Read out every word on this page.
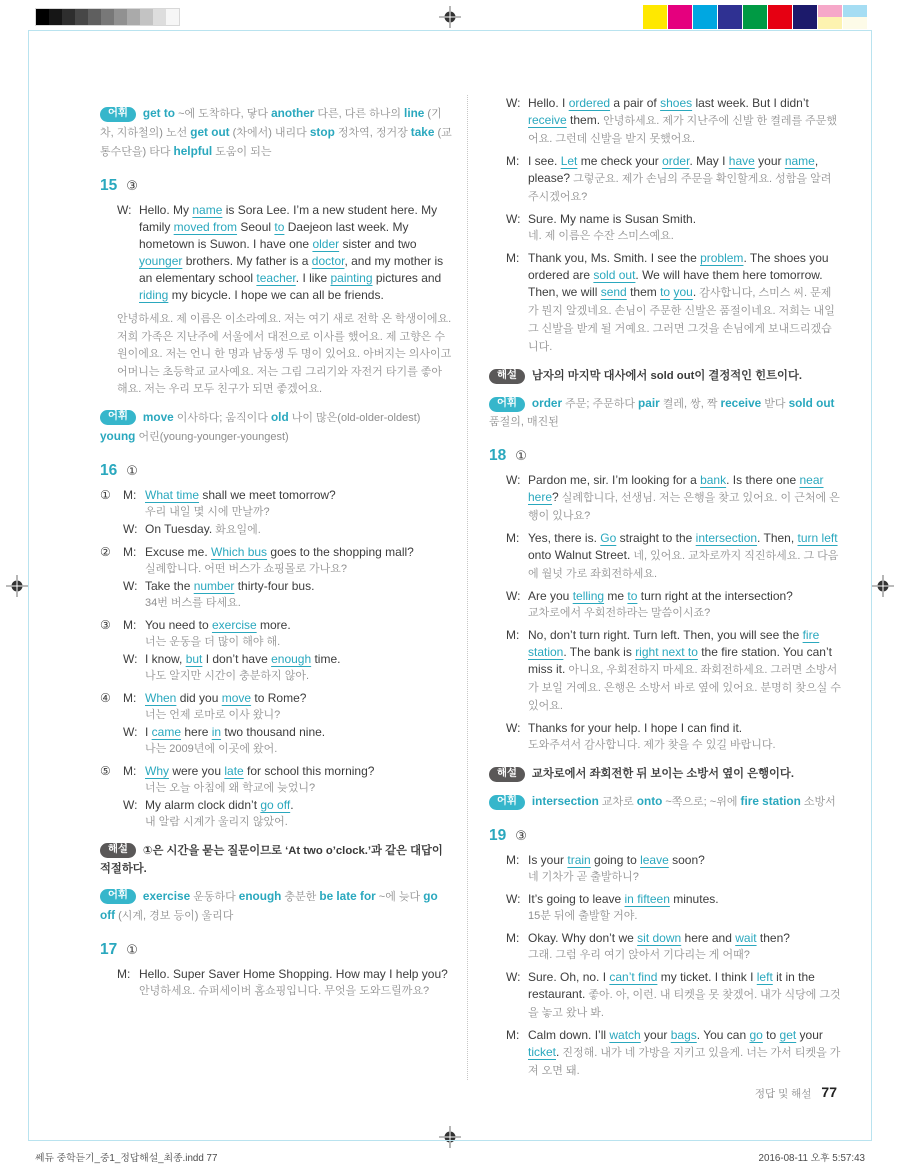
어휘 get to ~에 도착하다, 닿다 another 다른, 다른 하나의 line (기차, 지하철의) 노선 get out (차에서) 내리다 stop 정차역, 정거장 take (교통수단을) 타다 helpful 도움이 되는
15 ③
W: Hello. My name is Sora Lee. I’m a new student here. My family moved from Seoul to Daejeon last week. My hometown is Suwon. I have one older sister and two younger brothers. My father is a doctor, and my mother is an elementary school teacher. I like painting pictures and riding my bicycle. I hope we can all be friends.
안녕하세요. 제 이름은 이소라예요. 저는 여기 새로 전학 온 학생이에요. 저희 가족은 지난주에 서울에서 대전으로 이사를 했어요. 제 고향은 수원이에요. 저는 언니 한 명과 남동생 두 명이 있어요. 아버지는 의사이고 어머니는 초등학교 교사예요. 저는 그림 그리기와 자전거 타기를 좋아해요. 저는 우리 모두 친구가 되면 좋겠어요.
어휘 move 이사하다; 움직이다 old 나이 많은(old-older-oldest) young 어린(young-younger-youngest)
16 ①
① M: What time shall we meet tomorrow?
우리 내일 몇 시에 만날까?
W: On Tuesday. 화요일에.
② M: Excuse me. Which bus goes to the shopping mall?
실례합니다. 어떤 버스가 쇼핑몰로 가나요?
W: Take the number thirty-four bus.
34번 버스를 타세요.
③ M: You need to exercise more.
너는 운동을 더 많이 해야 해.
W: I know, but I don’t have enough time.
나도 알지만 시간이 충분하지 않아.
④ M: When did you move to Rome?
너는 언제 로마로 이사 왔니?
W: I came here in two thousand nine.
나는 2009년에 이곳에 왔어.
⑤ M: Why were you late for school this morning?
너는 오늘 아침에 왜 학교에 늦었니?
W: My alarm clock didn’t go off.
내 알람 시계가 울리지 않았어.
해설 ①은 시간을 묻는 질문이므로 ‘At two o’clock.’과 같은 대답이 적절하다.
어휘 exercise 운동하다 enough 충분한 be late for ~에 늦다 go off (시계, 경보 등이) 울리다
17 ①
M: Hello. Super Saver Home Shopping. How may I help you?
안녕하세요. 슈퍼세이버 홈쇼핑입니다. 무엇을 도와드릴까요?
W: Hello. I ordered a pair of shoes last week. But I didn’t receive them. 안녕하세요. 제가 지난주에 신발 한 켤레를 주문했어요. 그런데 신발을 받지 못했어요.
M: I see. Let me check your order. May I have your name, please? 그렇군요. 제가 손님의 주문을 확인할게요. 성함을 알려주시겠어요?
W: Sure. My name is Susan Smith.
네. 제 이름은 수잔 스미스예요.
M: Thank you, Ms. Smith. I see the problem. The shoes you ordered are sold out. We will have them here tomorrow. Then, we will send them to you. 감사합니다, 스미스 씨. 문제가 뭔지 알겠네요. 손님이 주문한 신발은 품절이네요. 저희는 내일 그 신발을 받게 될 거예요. 그러면 그것을 손님에게 보내드리겠습니다.
해설 남자의 마지막 대사에서 sold out이 결정적인 힌트이다.
어휘 order 주문; 주문하다 pair 켤레, 쌍, 짝 receive 받다 sold out 품절의, 매진된
18 ①
W: Pardon me, sir. I’m looking for a bank. Is there one near here? 실례합니다, 선생님. 저는 은행을 찾고 있어요. 이 근처에 은행이 있나요?
M: Yes, there is. Go straight to the intersection. Then, turn left onto Walnut Street. 네, 있어요. 교차로까지 직진하세요. 그 다음에 월넛 가로 좌회전하세요.
W: Are you telling me to turn right at the intersection?
교차로에서 우회전하라는 말씀이시죠?
M: No, don’t turn right. Turn left. Then, you will see the fire station. The bank is right next to the fire station. You can’t miss it. 아니요, 우회전하지 마세요. 좌회전하세요. 그러면 소방서가 보일 거예요. 은행은 소방서 바로 옆에 있어요. 분명히 찾으실 수 있어요.
W: Thanks for your help. I hope I can find it.
도와주셔서 감사합니다. 제가 찾을 수 있길 바랍니다.
해설 교차로에서 좌회전한 뒤 보이는 소방서 옆이 은행이다.
어휘 intersection 교차로 onto ~쪽으로; ~위에 fire station 소방서
19 ③
M: Is your train going to leave soon?
네 기차가 곧 출발하니?
W: It’s going to leave in fifteen minutes.
15분 뒤에 출발할 거야.
M: Okay. Why don’t we sit down here and wait then?
그래. 그럼 우리 여기 앉아서 기다리는 게 어때?
W: Sure. Oh, no. I can’t find my ticket. I think I left it in the restaurant. 좋아. 아, 이런. 내 티켓을 못 찾겠어. 내가 식당에 그것을 놓고 왔나 봐.
M: Calm down. I’ll watch your bags. You can go to get your ticket. 진정해. 내가 네 가방을 지키고 있을게. 너는 가서 티켓을 가져 오면 돼.
정답 및 해설 77
쎄듀 중학듣기_중1_정답해설_최종.indd 77	2016-08-11 오후 5:57:43
